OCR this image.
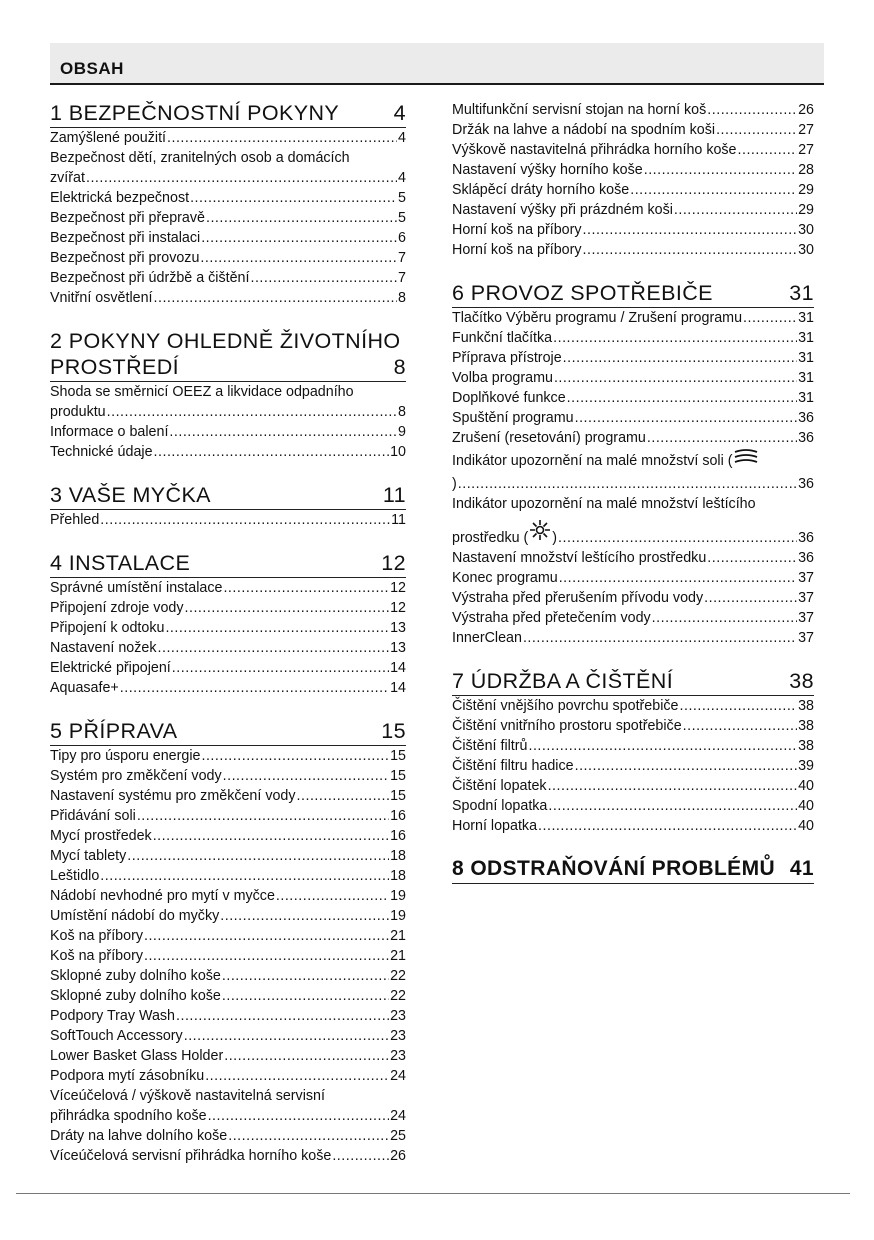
OBSAH
1 BEZPEČNOSTNÍ POKYNY	4
Zamýšlené použití .....	4
Bezpečnost dětí, zranitelných osob a domácích
zvířat .....	4
Elektrická bezpečnost .....	5
Bezpečnost při přepravě .....	5
Bezpečnost při instalaci .....	6
Bezpečnost při provozu .....	7
Bezpečnost při údržbě a čištění .....	7
Vnitřní osvětlení .....	8
2 POKYNY OHLEDNĚ ŽIVOTNÍHO PROSTŘEDÍ	8
Shoda se směrnicí OEEZ a likvidace odpadního
produktu .....	8
Informace o balení .....	9
Technické údaje .....	10
3 VAŠE MYČKA	11
Přehled .....	11
4 INSTALACE	12
Správné umístění instalace .....	12
Připojení zdroje vody .....	12
Připojení k odtoku .....	13
Nastavení nožek .....	13
Elektrické připojení .....	14
Aquasafe+ .....	14
5 PŘÍPRAVA	15
Tipy pro úsporu energie .....	15
Systém pro změkčení vody .....	15
Nastavení systému pro změkčení vody .....	15
Přidávání soli .....	16
Mycí prostředek .....	16
Mycí tablety .....	18
Leštidlo .....	18
Nádobí nevhodné pro mytí v myčce .....	19
Umístění nádobí do myčky .....	19
Koš na příbory .....	21
Koš na příbory .....	21
Sklopné zuby dolního koše .....	22
Sklopné zuby dolního koše .....	22
Podpory Tray Wash .....	23
SoftTouch Accessory .....	23
Lower Basket Glass Holder .....	23
Podpora mytí zásobníku .....	24
Víceúčelová / výškově nastavitelná servisní
přihrádka spodního koše .....	24
Dráty na lahve dolního koše .....	25
Víceúčelová servisní přihrádka horního koše .....	26
Multifunkční servisní stojan na horní koš .....	26
Držák na lahve a nádobí na spodním koši .....	27
Výškově nastavitelná přihrádka horního koše .....	27
Nastavení výšky horního koše .....	28
Sklápěcí dráty horního koše .....	29
Nastavení výšky při prázdném koši .....	29
Horní koš na příbory .....	30
Horní koš na příbory .....	30
6 PROVOZ SPOTŘEBIČE	31
Tlačítko Výběru programu / Zrušení programu .....	31
Funkční tlačítka .....	31
Příprava přístroje .....	31
Volba programu .....	31
Doplňkové funkce .....	31
Spuštění programu .....	36
Zrušení (resetování) programu .....	36
Indikátor upozornění na malé množství soli (
) .....	36
Indikátor upozornění na malé množství leštícího
prostředku ( ) .....	36
Nastavení množství leštícího prostředku .....	36
Konec programu .....	37
Výstraha před přerušením přívodu vody .....	37
Výstraha před přetečením vody .....	37
InnerClean .....	37
7 ÚDRŽBA A ČIŠTĚNÍ	38
Čištění vnějšího povrchu spotřebiče .....	38
Čištění vnitřního prostoru spotřebiče .....	38
Čištění filtrů .....	38
Čištění filtru hadice .....	39
Čištění lopatek .....	40
Spodní lopatka .....	40
Horní lopatka .....	40
8 ODSTRAŇOVÁNÍ PROBLÉMŮ 41
